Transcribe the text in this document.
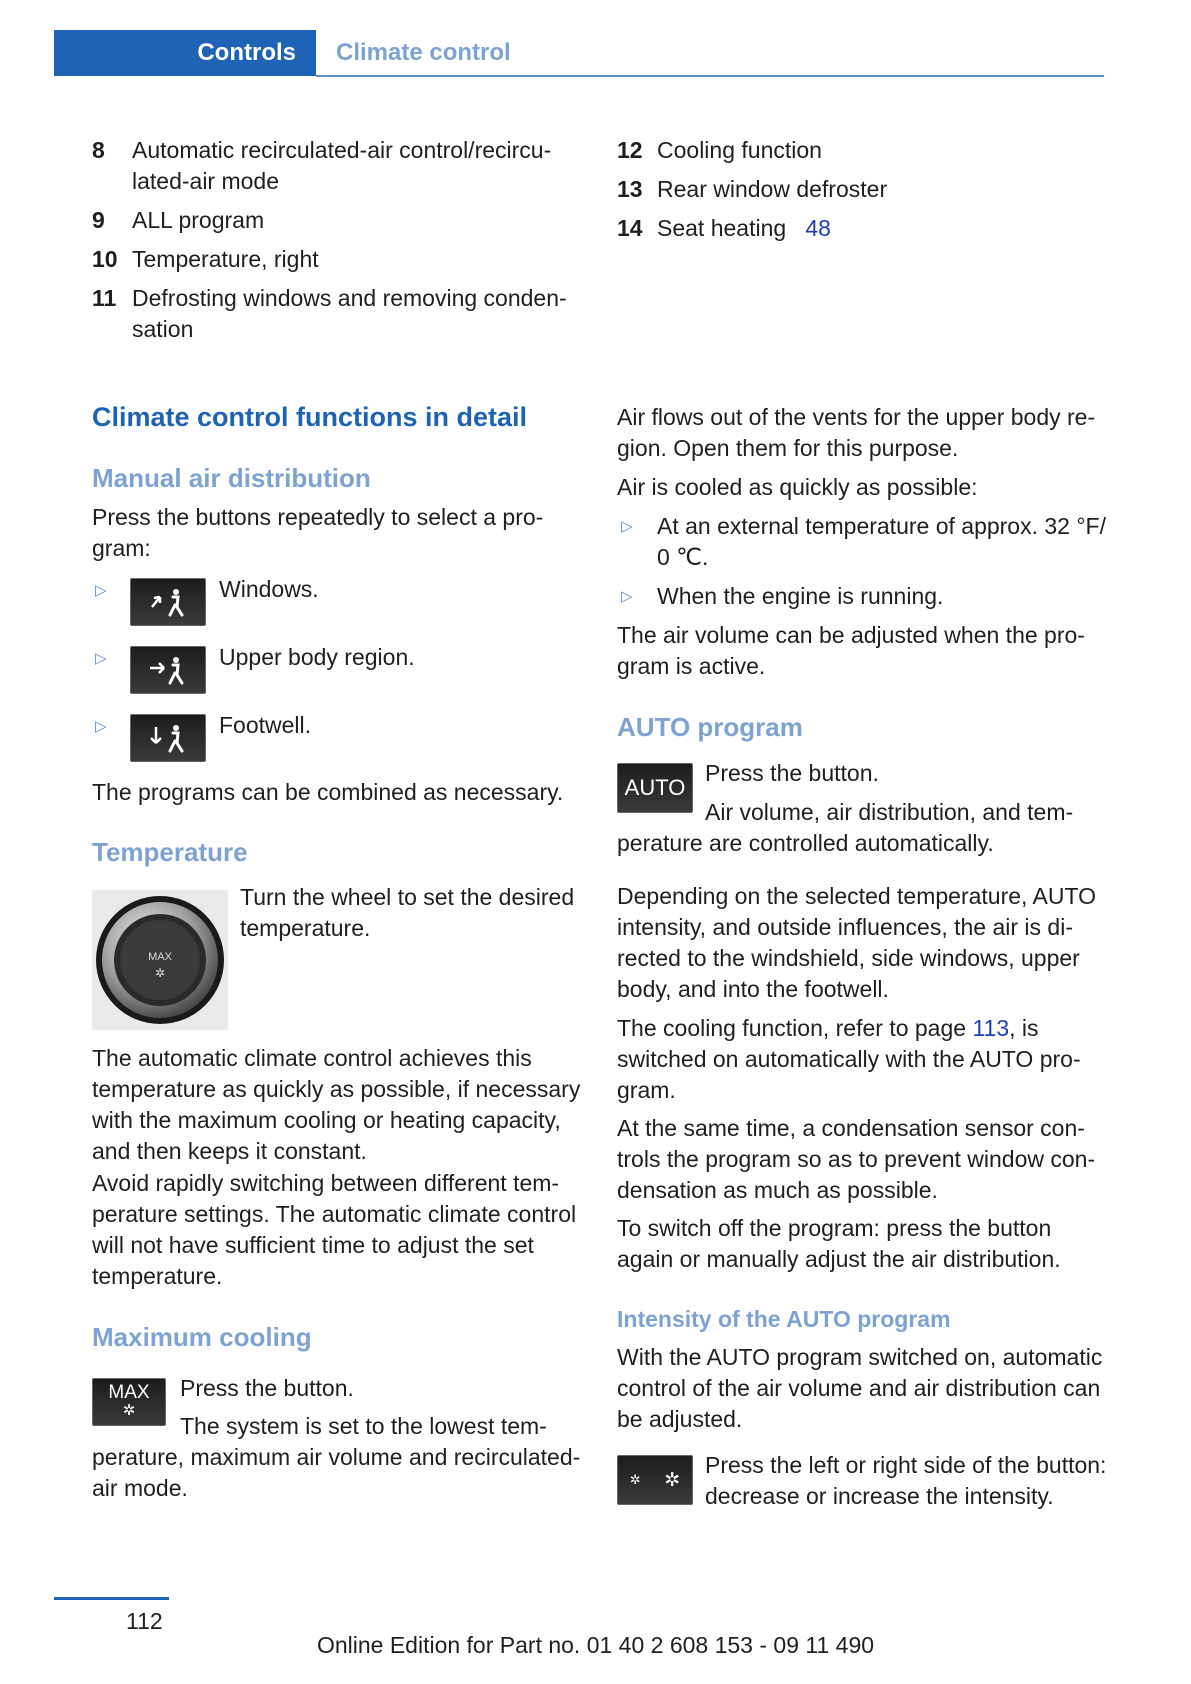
Controls	Climate control
8 Automatic recirculated-air control/recircu-lated-air mode
9 ALL program
10 Temperature, right
11 Defrosting windows and removing conden-sation
12 Cooling function
13 Rear window defroster
14 Seat heating 48
Climate control functions in detail
Manual air distribution
Press the buttons repeatedly to select a pro-gram:
▷	Windows.
▷	Upper body region.
▷	Footwell.
The programs can be combined as necessary.
Temperature
MAX
✲
Turn the wheel to set the desired temperature.
The automatic climate control achieves this temperature as quickly as possible, if necessary with the maximum cooling or heating capacity, and then keeps it constant.
Avoid rapidly switching between different tem-perature settings. The automatic climate control will not have sufficient time to adjust the set temperature.
Maximum cooling
MAX
✲
Press the button.
The system is set to the lowest tem-perature, maximum air volume and recirculated-air mode.
Air flows out of the vents for the upper body re-gion. Open them for this purpose.
Air is cooled as quickly as possible:
▷ At an external temperature of approx. 32 °F/ 0 ℃.
▷ When the engine is running.
The air volume can be adjusted when the pro-gram is active.
AUTO program
AUTO
Press the button.
Air volume, air distribution, and tem-perature are controlled automatically.
Depending on the selected temperature, AUTO intensity, and outside influences, the air is di-rected to the windshield, side windows, upper body, and into the footwell.
The cooling function, refer to page 113, is switched on automatically with the AUTO pro-gram.
At the same time, a condensation sensor con-trols the program so as to prevent window con-densation as much as possible.
To switch off the program: press the button again or manually adjust the air distribution.
Intensity of the AUTO program
With the AUTO program switched on, automatic control of the air volume and air distribution can be adjusted.
✲ ✲
Press the left or right side of the button: decrease or increase the intensity.
112
Online Edition for Part no. 01 40 2 608 153 - 09 11 490
